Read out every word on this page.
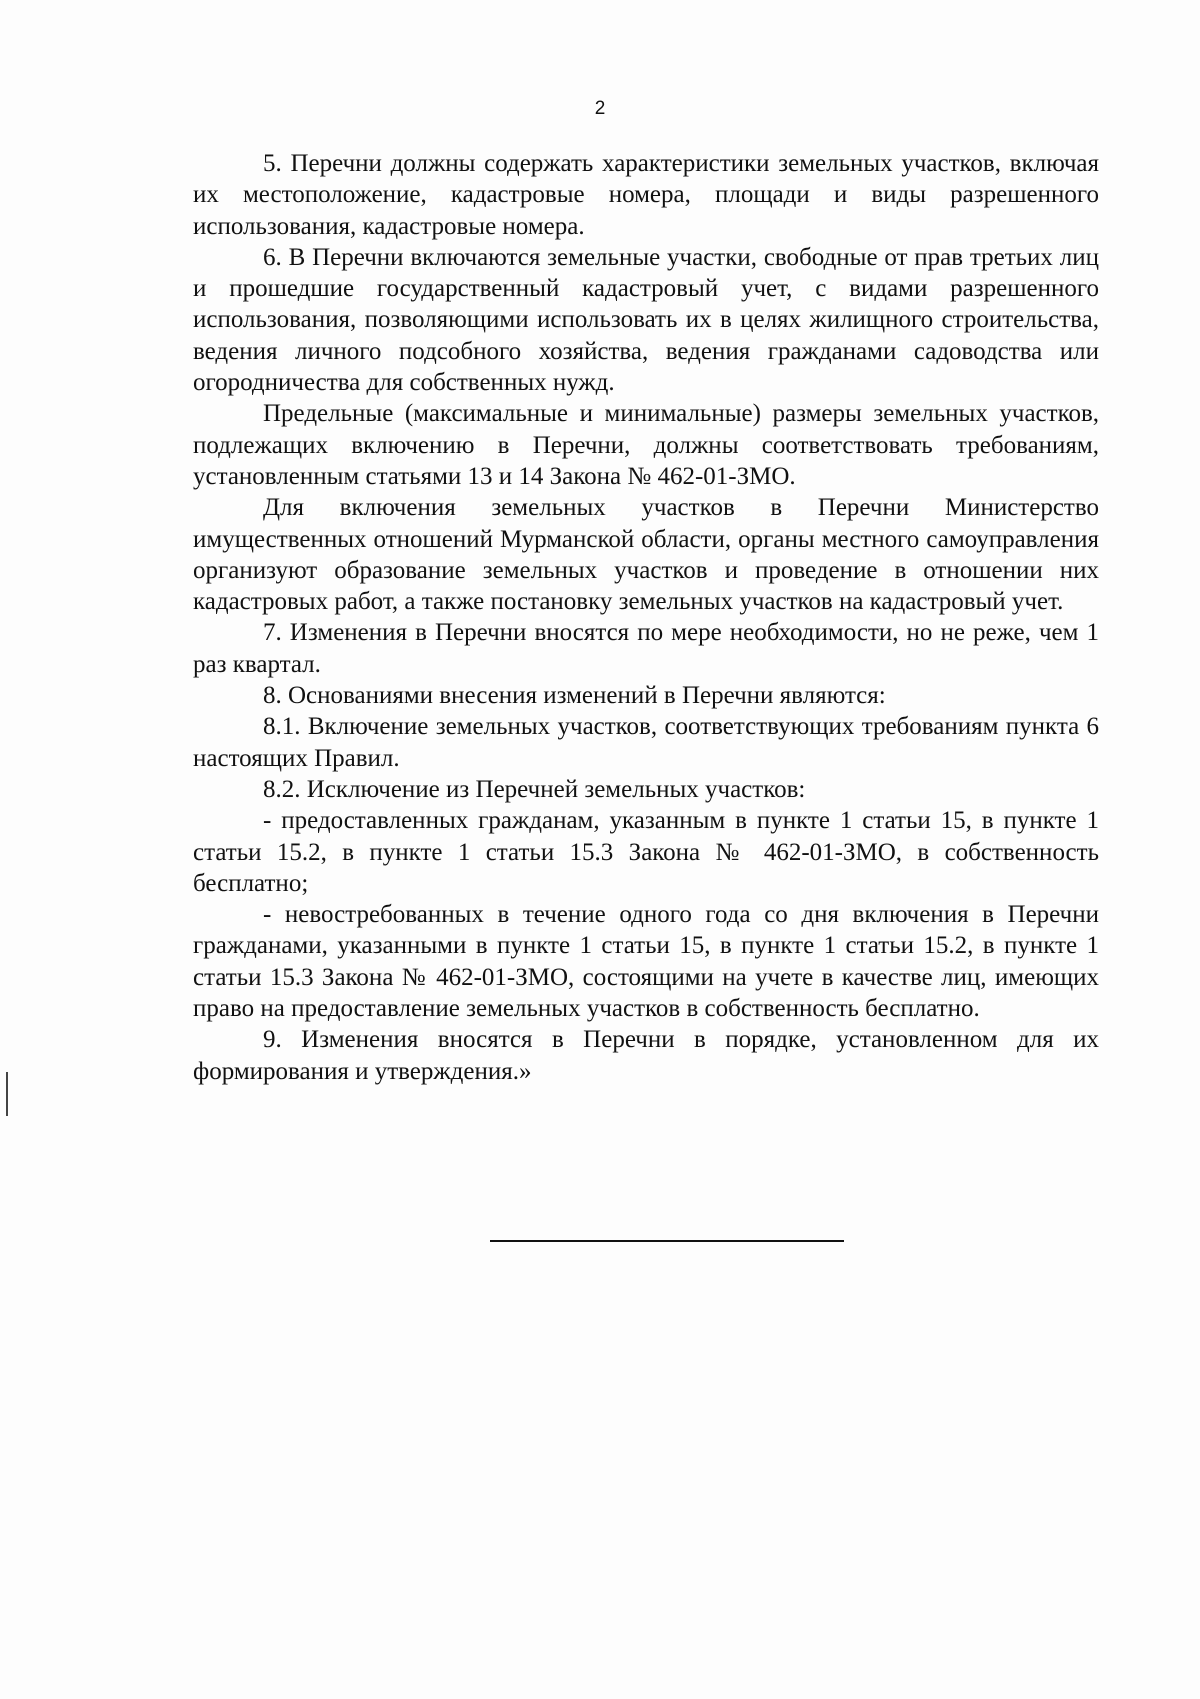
2

5. Перечни должны содержать характеристики земельных участков, включая их местоположение, кадастровые номера, площади и виды разрешенного использования, кадастровые номера.

6. В Перечни включаются земельные участки, свободные от прав третьих лиц и прошедшие государственный кадастровый учет, с видами разрешенного использования, позволяющими использовать их в целях жилищного строительства, ведения личного подсобного хозяйства, ведения гражданами садоводства или огородничества для собственных нужд.

Предельные (максимальные и минимальные) размеры земельных участков, подлежащих включению в Перечни, должны соответствовать требованиям, установленным статьями 13 и 14 Закона № 462-01-ЗМО.

Для включения земельных участков в Перечни Министерство имущественных отношений Мурманской области, органы местного самоуправления организуют образование земельных участков и проведение в отношении них кадастровых работ, а также постановку земельных участков на кадастровый учет.

7. Изменения в Перечни вносятся по мере необходимости, но не реже, чем 1 раз квартал.

8. Основаниями внесения изменений в Перечни являются:

8.1. Включение земельных участков, соответствующих требованиям пункта 6 настоящих Правил.

8.2. Исключение из Перечней земельных участков:

- предоставленных гражданам, указанным в пункте 1 статьи 15, в пункте 1 статьи 15.2, в пункте 1 статьи 15.3 Закона № 462-01-ЗМО, в собственность бесплатно;

- невостребованных в течение одного года со дня включения в Перечни гражданами, указанными в пункте 1 статьи 15, в пункте 1 статьи 15.2, в пункте 1 статьи 15.3 Закона № 462-01-ЗМО, состоящими на учете в качестве лиц, имеющих право на предоставление земельных участков в собственность бесплатно.

9. Изменения вносятся в Перечни в порядке, установленном для их формирования и утверждения.»
